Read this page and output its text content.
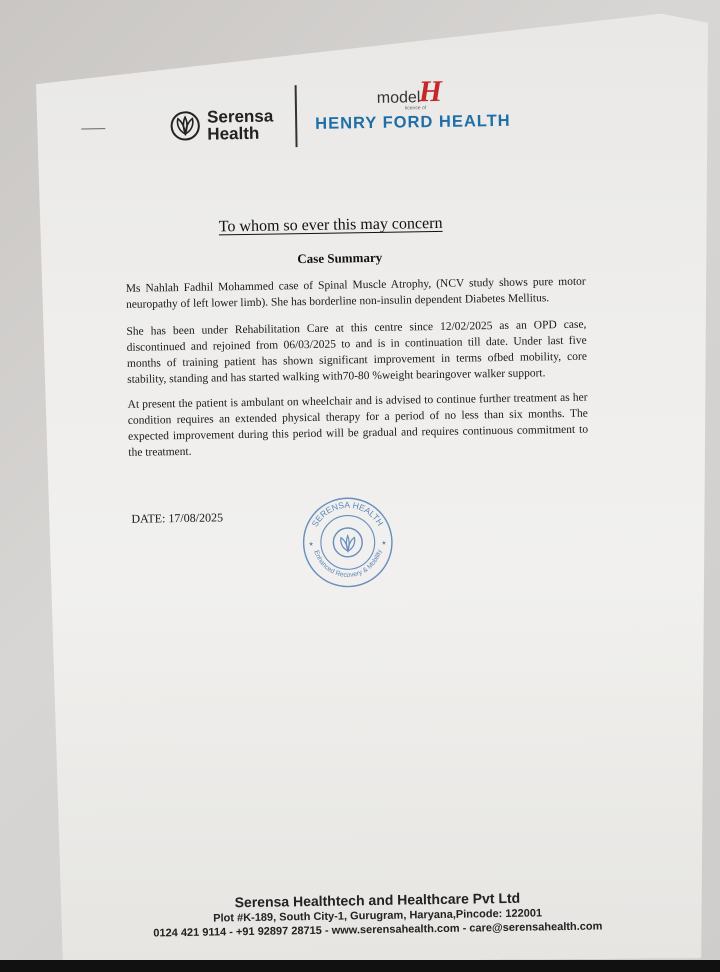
Serensa
Health
model
H
license of
HENRY FORD HEALTH
To whom so ever this may concern
Case Summary
Ms Nahlah Fadhil Mohammed case of Spinal Muscle Atrophy, (NCV study shows pure motor neuropathy of left lower limb). She has borderline non-insulin dependent Diabetes Mellitus.
She has been under Rehabilitation Care at this centre since 12/02/2025 as an OPD case, discontinued and rejoined from 06/03/2025 to and is in continuation till date. Under last five months of training patient has shown significant improvement in terms ofbed mobility, core stability, standing and has started walking with70-80 %weight bearingover walker support.
At present the patient is ambulant on wheelchair and is advised to continue further treatment as her condition requires an extended physical therapy for a period of no less than six months. The expected improvement during this period will be gradual and requires continuous commitment to the treatment.
DATE: 17/08/2025	SERENSA HEALTH
Enhanced Recovery & Mobility
★	★
Serensa Healthtech and Healthcare Pvt Ltd
Plot #K-189, South City-1, Gurugram, Haryana,Pincode: 122001
0124 421 9114 - +91 92897 28715 - www.serensahealth.com - care@serensahealth.com
